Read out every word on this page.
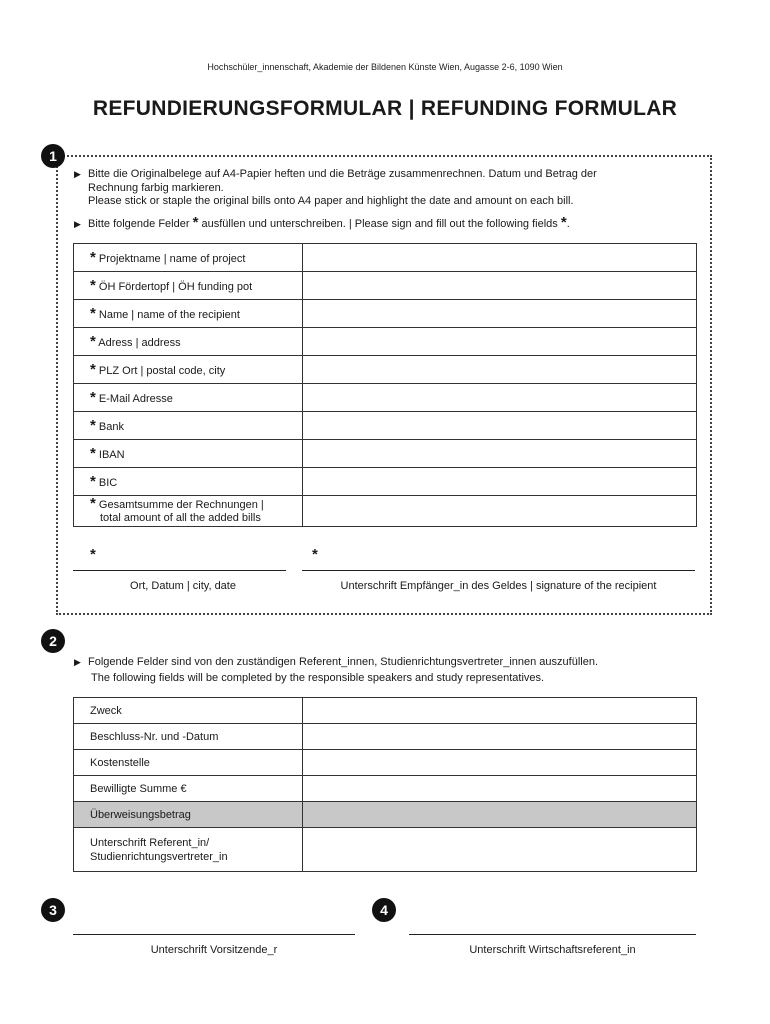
Hochschüler_innenschaft, Akademie der Bildenen Künste Wien, Augasse 2-6, 1090 Wien
REFUNDIERUNGSFORMULAR | REFUNDING FORMULAR
1
▶ Bitte die Originalbelege auf A4-Papier heften und die Beträge zusammenrechnen. Datum und Betrag der
Rechnung farbig markieren.
Please stick or staple the original bills onto A4 paper and highlight the date and amount on each bill.
▶ Bitte folgende Felder * ausfüllen und unterschreiben. | Please sign and fill out the following fields *.
* Projektname | name of project	
* ÖH Fördertopf | ÖH funding pot	
* Name | name of the recipient	
* Adress | address	
* PLZ Ort | postal code, city	
* E-Mail Adresse	
* Bank	
* IBAN	
* BIC	
* Gesamtsumme der Rechnungen |
total amount of all the added bills	
*	*
Ort, Datum | city, date	Unterschrift Empfänger_in des Geldes | signature of the recipient
2
▶ Folgende Felder sind von den zuständigen Referent_innen, Studienrichtungsvertreter_innen auszufüllen.
The following fields will be completed by the responsible speakers and study representatives.
Zweck	
Beschluss-Nr. und -Datum	
Kostenstelle	
Bewilligte Summe €	
Überweisungsbetrag	
Unterschrift Referent_in/
Studienrichtungsvertreter_in	
3	4
Unterschrift Vorsitzende_r	Unterschrift Wirtschaftsreferent_in
